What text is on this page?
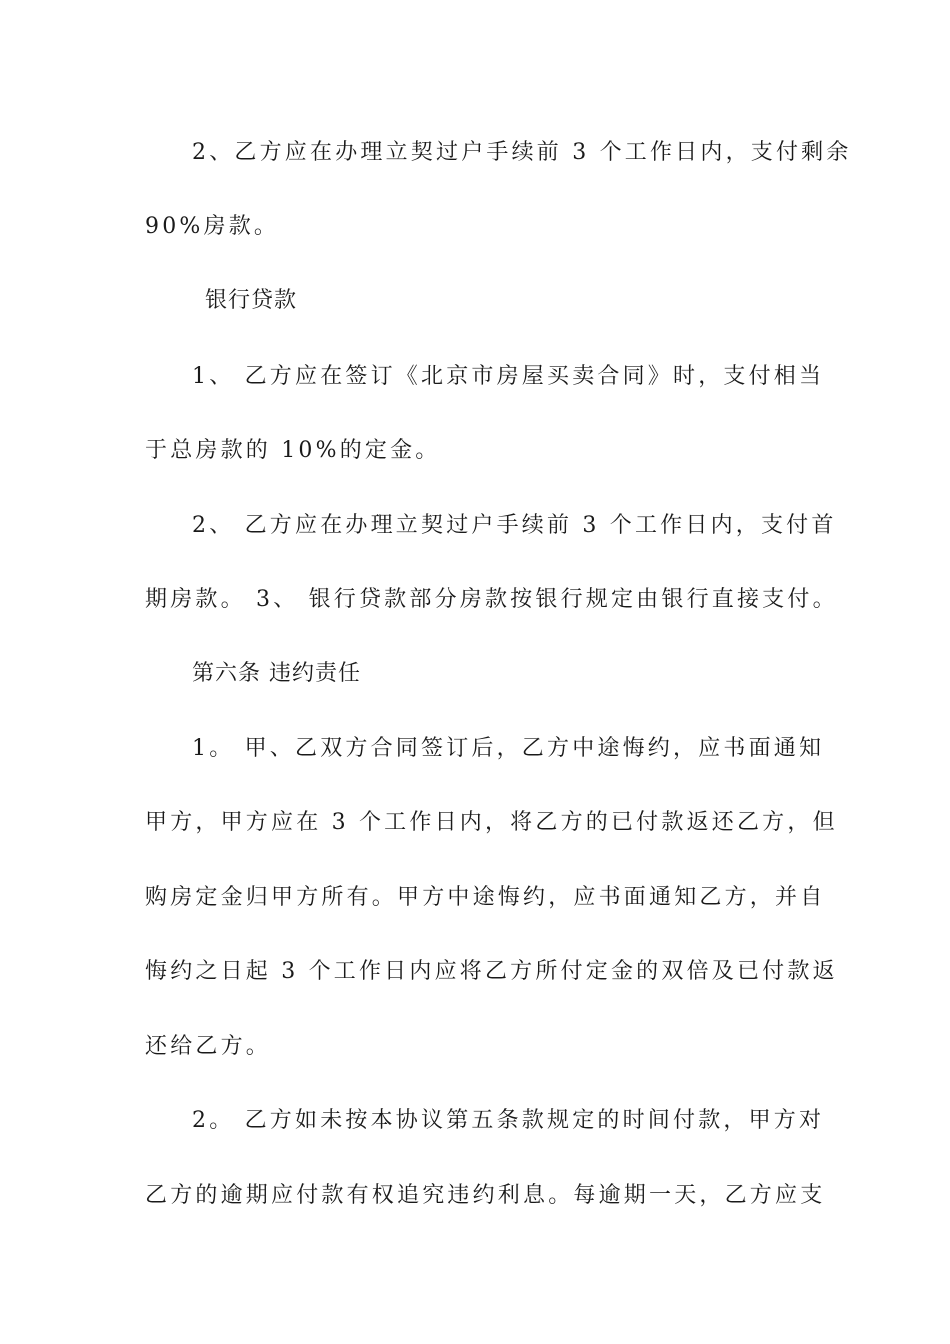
2、乙方应在办理立契过户手续前 3 个工作日内，支付剩余
90%房款。
银行贷款
1、 乙方应在签订《北京市房屋买卖合同》时，支付相当
于总房款的 10%的定金。
2、 乙方应在办理立契过户手续前 3 个工作日内，支付首
期房款。 3、 银行贷款部分房款按银行规定由银行直接支付。
第六条 违约责任
1。 甲、乙双方合同签订后，乙方中途悔约，应书面通知
甲方，甲方应在 3 个工作日内，将乙方的已付款返还乙方，但
购房定金归甲方所有。甲方中途悔约，应书面通知乙方，并自
悔约之日起 3 个工作日内应将乙方所付定金的双倍及已付款返
还给乙方。
2。 乙方如未按本协议第五条款规定的时间付款，甲方对
乙方的逾期应付款有权追究违约利息。每逾期一天，乙方应支
